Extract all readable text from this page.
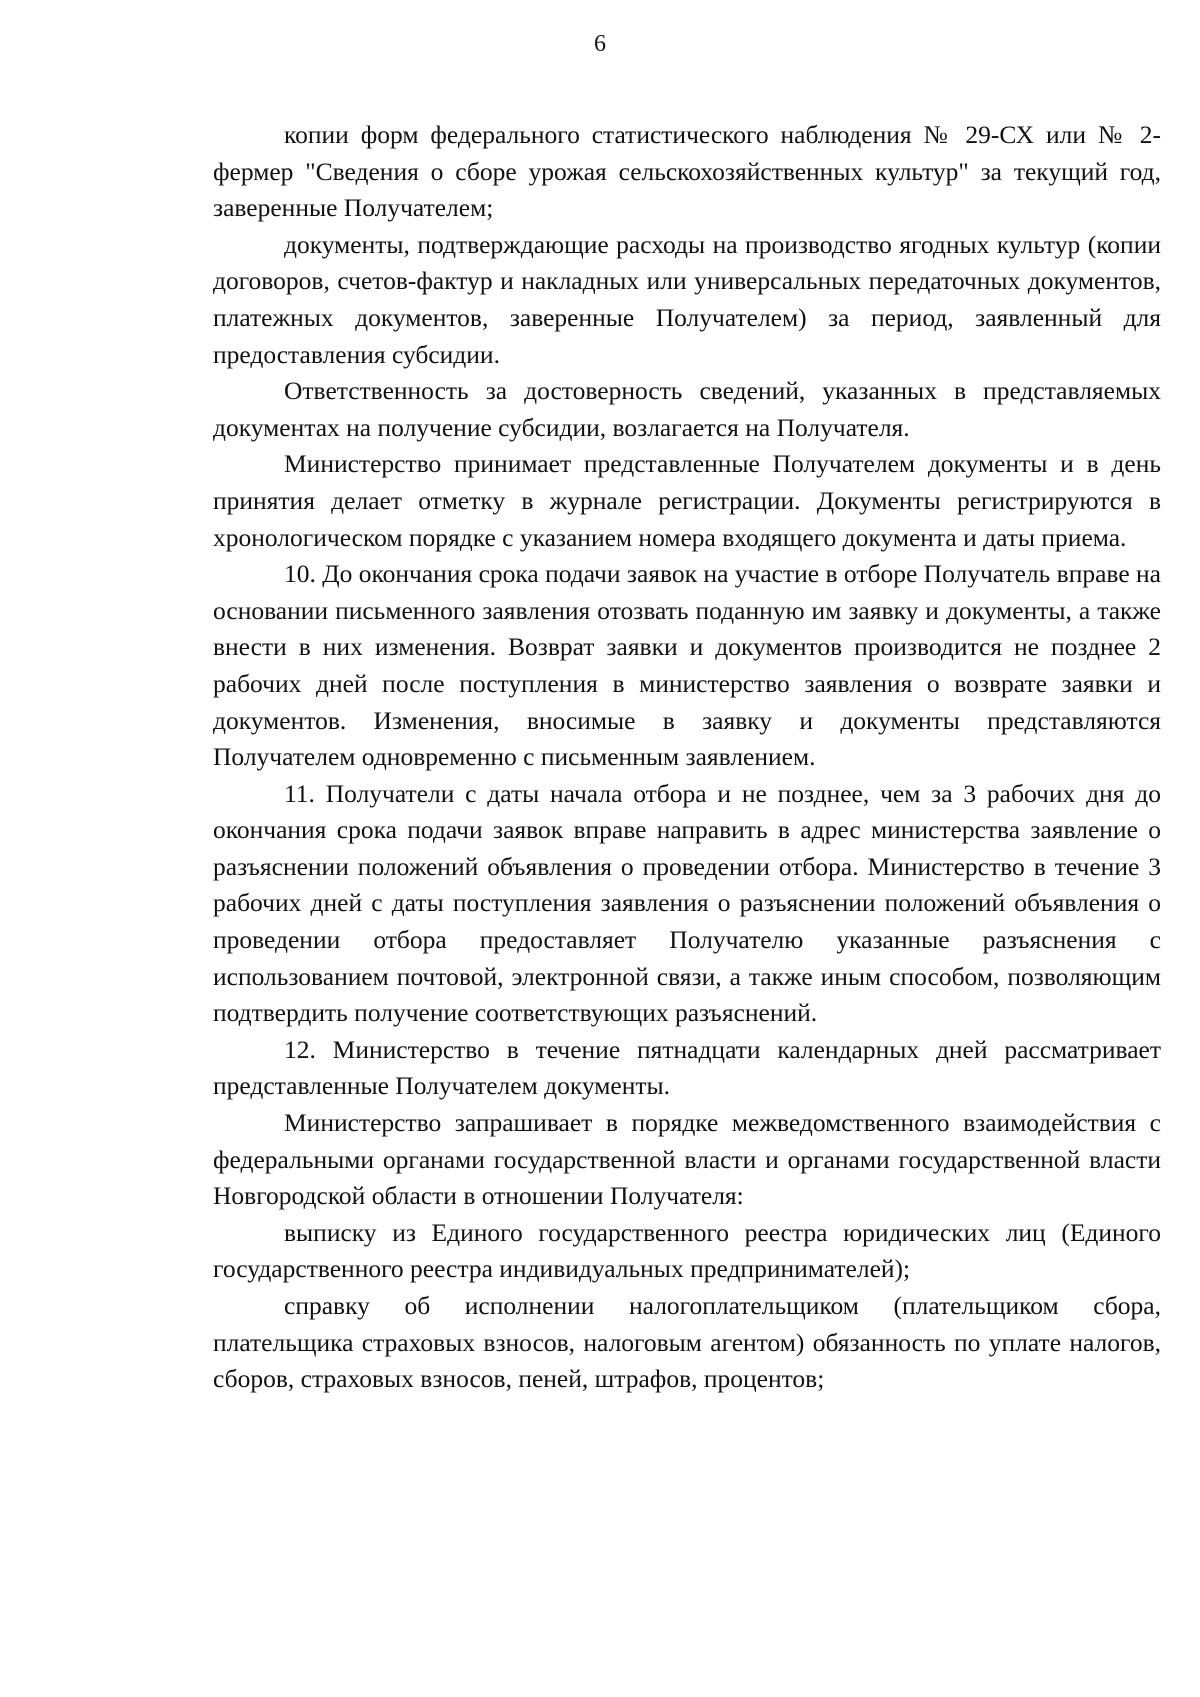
6

копии форм федерального статистического наблюдения № 29-СХ или № 2-фермер "Сведения о сборе урожая сельскохозяйственных культур" за текущий год, заверенные Получателем;

документы, подтверждающие расходы на производство ягодных культур (копии договоров, счетов-фактур и накладных или универсальных передаточных документов, платежных документов, заверенные Получателем) за период, заявленный для предоставления субсидии.

Ответственность за достоверность сведений, указанных в представляемых документах на получение субсидии, возлагается на Получателя.

Министерство принимает представленные Получателем документы и в день принятия делает отметку в журнале регистрации. Документы регистрируются в хронологическом порядке с указанием номера входящего документа и даты приема.

10. До окончания срока подачи заявок на участие в отборе Получатель вправе на основании письменного заявления отозвать поданную им заявку и документы, а также внести в них изменения. Возврат заявки и документов производится не позднее 2 рабочих дней после поступления в министерство заявления о возврате заявки и документов. Изменения, вносимые в заявку и документы представляются Получателем одновременно с письменным заявлением.

11. Получатели с даты начала отбора и не позднее, чем за 3 рабочих дня до окончания срока подачи заявок вправе направить в адрес министерства заявление о разъяснении положений объявления о проведении отбора. Министерство в течение 3 рабочих дней с даты поступления заявления о разъяснении положений объявления о проведении отбора предоставляет Получателю указанные разъяснения с использованием почтовой, электронной связи, а также иным способом, позволяющим подтвердить получение соответствующих разъяснений.

12. Министерство в течение пятнадцати календарных дней рассматривает представленные Получателем документы.

Министерство запрашивает в порядке межведомственного взаимодействия с федеральными органами государственной власти и органами государственной власти Новгородской области в отношении Получателя:

выписку из Единого государственного реестра юридических лиц (Единого государственного реестра индивидуальных предпринимателей);

справку об исполнении налогоплательщиком (плательщиком сбора, плательщика страховых взносов, налоговым агентом) обязанность по уплате налогов, сборов, страховых взносов, пеней, штрафов, процентов;
